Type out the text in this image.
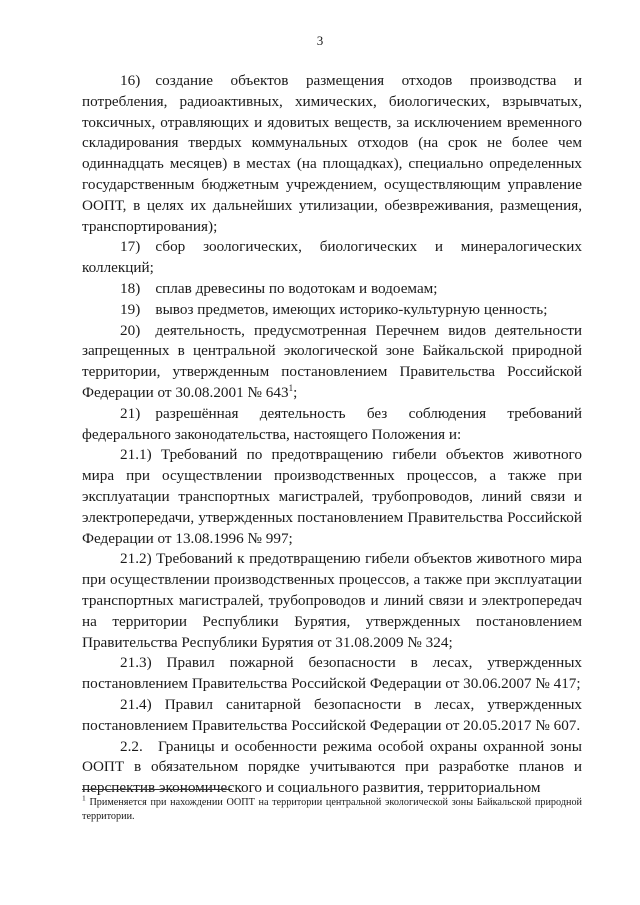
3

16) создание объектов размещения отходов производства и потребления, радиоактивных, химических, биологических, взрывчатых, токсичных, отравляющих и ядовитых веществ, за исключением временного складирования твердых коммунальных отходов (на срок не более чем одиннадцать месяцев) в местах (на площадках), специально определенных государственным бюджетным учреждением, осуществляющим управление ООПТ, в целях их дальнейших утилизации, обезвреживания, размещения, транспортирования);

17) сбор зоологических, биологических и минералогических коллекций;

18) сплав древесины по водотокам и водоемам;

19) вывоз предметов, имеющих историко-культурную ценность;

20) деятельность, предусмотренная Перечнем видов деятельности запрещенных в центральной экологической зоне Байкальской природной территории, утвержденным постановлением Правительства Российской Федерации от 30.08.2001 № $643^1$;

21) разрешённая деятельность без соблюдения требований федерального законодательства, настоящего Положения и:

21.1) Требований по предотвращению гибели объектов животного мира при осуществлении производственных процессов, а также при эксплуатации транспортных магистралей, трубопроводов, линий связи и электропередачи, утвержденных постановлением Правительства Российской Федерации от 13.08.1996 № 997;

21.2) Требований к предотвращению гибели объектов животного мира при осуществлении производственных процессов, а также при эксплуатации транспортных магистралей, трубопроводов и линий связи и электропередач на территории Республики Бурятия, утвержденных постановлением Правительства Республики Бурятия от 31.08.2009 № 324;

21.3) Правил пожарной безопасности в лесах, утвержденных постановлением Правительства Российской Федерации от 30.06.2007 № 417;

21.4) Правил санитарной безопасности в лесах, утвержденных постановлением Правительства Российской Федерации от 20.05.2017 № 607.

2.2. Границы и особенности режима особой охраны охранной зоны ООПТ в обязательном порядке учитываются при разработке планов и перспектив экономического и социального развития, территориальном

$^1$ Применяется при нахождении ООПТ на территории центральной экологической зоны Байкальской природной территории.
